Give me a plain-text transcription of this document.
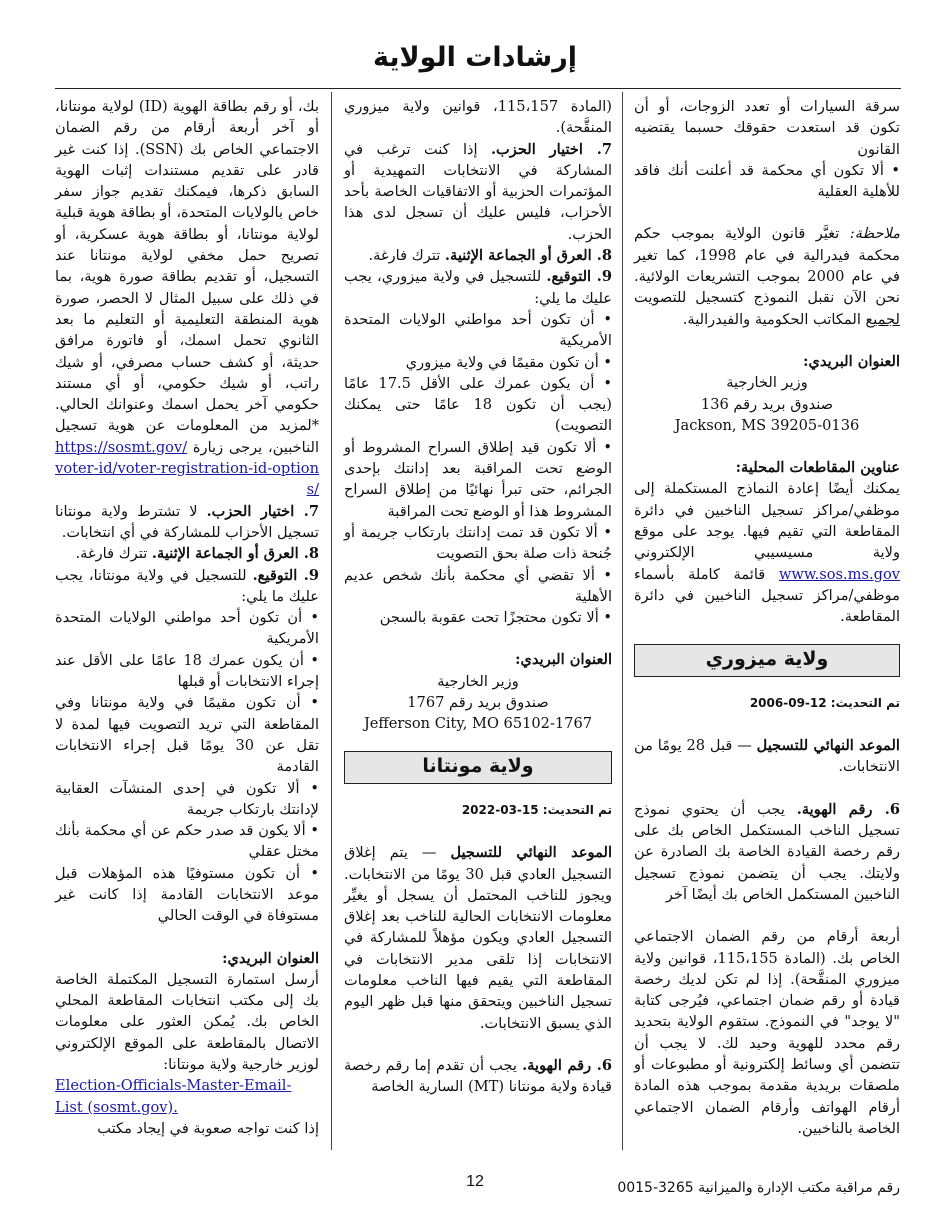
إرشادات الولاية

سرقة السيارات أو تعدد الزوجات، أو أن تكون قد استعدت حقوقك حسبما يقتضيه القانون

• ألا تكون أي محكمة قد أعلنت أنك فاقد للأهلية العقلية

ملاحظة: تغيَّر قانون الولاية بموجب حكم محكمة فيدرالية في عام 1998، كما تغير في عام 2000 بموجب التشريعات الولائية. نحن الآن نقبل النموذج كتسجيل للتصويت لجميع المكاتب الحكومية والفيدرالية.

العنوان البريدي:

وزير الخارجية

صندوق بريد رقم 136

Jackson, MS 39205-0136

عناوين المقاطعات المحلية:

يمكنك أيضًا إعادة النماذج المستكملة إلى موظفي/مراكز تسجيل الناخبين في دائرة المقاطعة التي تقيم فيها. يوجد على موقع ولاية مسيسيبي الإلكتروني www.sos.ms.gov قائمة كاملة بأسماء موظفي/مراكز تسجيل الناخبين في دائرة المقاطعة.

ولاية ميزوري

تم التحديث: 12-09-2006

الموعد النهائي للتسجيل — قبل 28 يومًا من الانتخابات.

6. رقم الهوية. يجب أن يحتوي نموذج تسجيل الناخب المستكمل الخاص بك على رقم رخصة القيادة الخاصة بك الصادرة عن ولايتك. يجب أن يتضمن نموذج تسجيل الناخبين المستكمل الخاص بك أيضًا آخر

أربعة أرقام من رقم الضمان الاجتماعي الخاص بك. (المادة 115،155، قوانين ولاية ميزوري المنقَّحة). إذا لم تكن لديك رخصة قيادة أو رقم ضمان اجتماعي، فيُرجى كتابة "لا يوجد" في النموذج. ستقوم الولاية بتحديد رقم محدد للهوية وحيد لك. لا يجب أن تتضمن أي وسائط إلكترونية أو مطبوعات أو ملصقات بريدية مقدمة بموجب هذه المادة أرقام الهواتف وأرقام الضمان الاجتماعي الخاصة بالناخبين.

(المادة 115،157، قوانين ولاية ميزوري المنقَّحة).

7. اختيار الحزب. إذا كنت ترغب في المشاركة في الانتخابات التمهيدية أو المؤتمرات الحزبية أو الاتفاقيات الخاصة بأحد الأحزاب، فليس عليك أن تسجل لدى هذا الحزب.

8. العرق أو الجماعة الإثنية. تترك فارغة.

9. التوقيع. للتسجيل في ولاية ميزوري، يجب عليك ما يلي:

• أن تكون أحد مواطني الولايات المتحدة الأمريكية

• أن تكون مقيمًا في ولاية ميزوري

• أن يكون عمرك على الأقل 17.5 عامًا (يجب أن تكون 18 عامًا حتى يمكنك التصويت)

• ألا تكون قيد إطلاق السراح المشروط أو الوضع تحت المراقبة بعد إدانتك بإحدى الجرائم، حتى تبرأ نهائيًا من إطلاق السراح المشروط هذا أو الوضع تحت المراقبة

• ألا تكون قد تمت إدانتك بارتكاب جريمة أو جُنحة ذات صلة بحق التصويت

• ألا تقضي أي محكمة بأنك شخص عديم الأهلية

• ألا تكون محتجزًا تحت عقوبة بالسجن

العنوان البريدي:

وزير الخارجية

صندوق بريد رقم 1767

Jefferson City, MO 65102-1767

ولاية مونتانا

تم التحديث: 15-03-2022

الموعد النهائي للتسجيل — يتم إغلاق التسجيل العادي قبل 30 يومًا من الانتخابات. ويجوز للناخب المحتمل أن يسجل أو يغيِّر معلومات الانتخابات الحالية للناخب بعد إغلاق التسجيل العادي ويكون مؤهلاً للمشاركة في الانتخابات إذا تلقى مدير الانتخابات في المقاطعة التي يقيم فيها الناخب معلومات تسجيل الناخبين ويتحقق منها قبل ظهر اليوم الذي يسبق الانتخابات.

6. رقم الهوية. يجب أن تقدم إما رقم رخصة قيادة ولاية مونتانا (MT) السارية الخاصة

بك، أو رقم بطاقة الهوية (ID) لولاية مونتانا، أو آخر أربعة أرقام من رقم الضمان الاجتماعي الخاص بك (SSN). إذا كنت غير قادر على تقديم مستندات إثبات الهوية السابق ذكرها، فيمكنك تقديم جواز سفر خاص بالولايات المتحدة، أو بطاقة هوية قبلية لولاية مونتانا، أو بطاقة هوية عسكرية، أو تصريح حمل مخفي لولاية مونتانا عند التسجيل، أو تقديم بطاقة صورة هوية، بما في ذلك على سبيل المثال لا الحصر، صورة هوية المنطقة التعليمية أو التعليم ما بعد الثانوي تحمل اسمك، أو فاتورة مرافق حديثة، أو كشف حساب مصرفي، أو شيك راتب، أو شيك حكومي، أو أي مستند حكومي آخر يحمل اسمك وعنوانك الحالي. *لمزيد من المعلومات عن هوية تسجيل الناخبين، يرجى زيارة https://sosmt.gov/voter-id/voter-registration-id-options/

7. اختيار الحزب. لا تشترط ولاية مونتانا تسجيل الأحزاب للمشاركة في أي انتخابات.

8. العرق أو الجماعة الإثنية. تترك فارغة.

9. التوقيع. للتسجيل في ولاية مونتانا، يجب عليك ما يلي:

• أن تكون أحد مواطني الولايات المتحدة الأمريكية

• أن يكون عمرك 18 عامًا على الأقل عند إجراء الانتخابات أو قبلها

• أن تكون مقيمًا في ولاية مونتانا وفي المقاطعة التي تريد التصويت فيها لمدة لا تقل عن 30 يومًا قبل إجراء الانتخابات القادمة

• ألا تكون في إحدى المنشآت العقابية لإدانتك بارتكاب جريمة

• ألا يكون قد صدر حكم عن أي محكمة بأنك مختل عقلي

• أن تكون مستوفيًا هذه المؤهلات قبل موعد الانتخابات القادمة إذا كانت غير مستوفاة في الوقت الحالي

العنوان البريدي:

أرسل استمارة التسجيل المكتملة الخاصة بك إلى مكتب انتخابات المقاطعة المحلي الخاص بك. يُمكن العثور على معلومات الاتصال بالمقاطعة على الموقع الإلكتروني لوزير خارجية ولاية مونتانا:

Election-Officials-Master-Email-List (sosmt.gov).

إذا كنت تواجه صعوبة في إيجاد مكتب

12	رقم مراقبة مكتب الإدارة والميزانية 3265-0015
